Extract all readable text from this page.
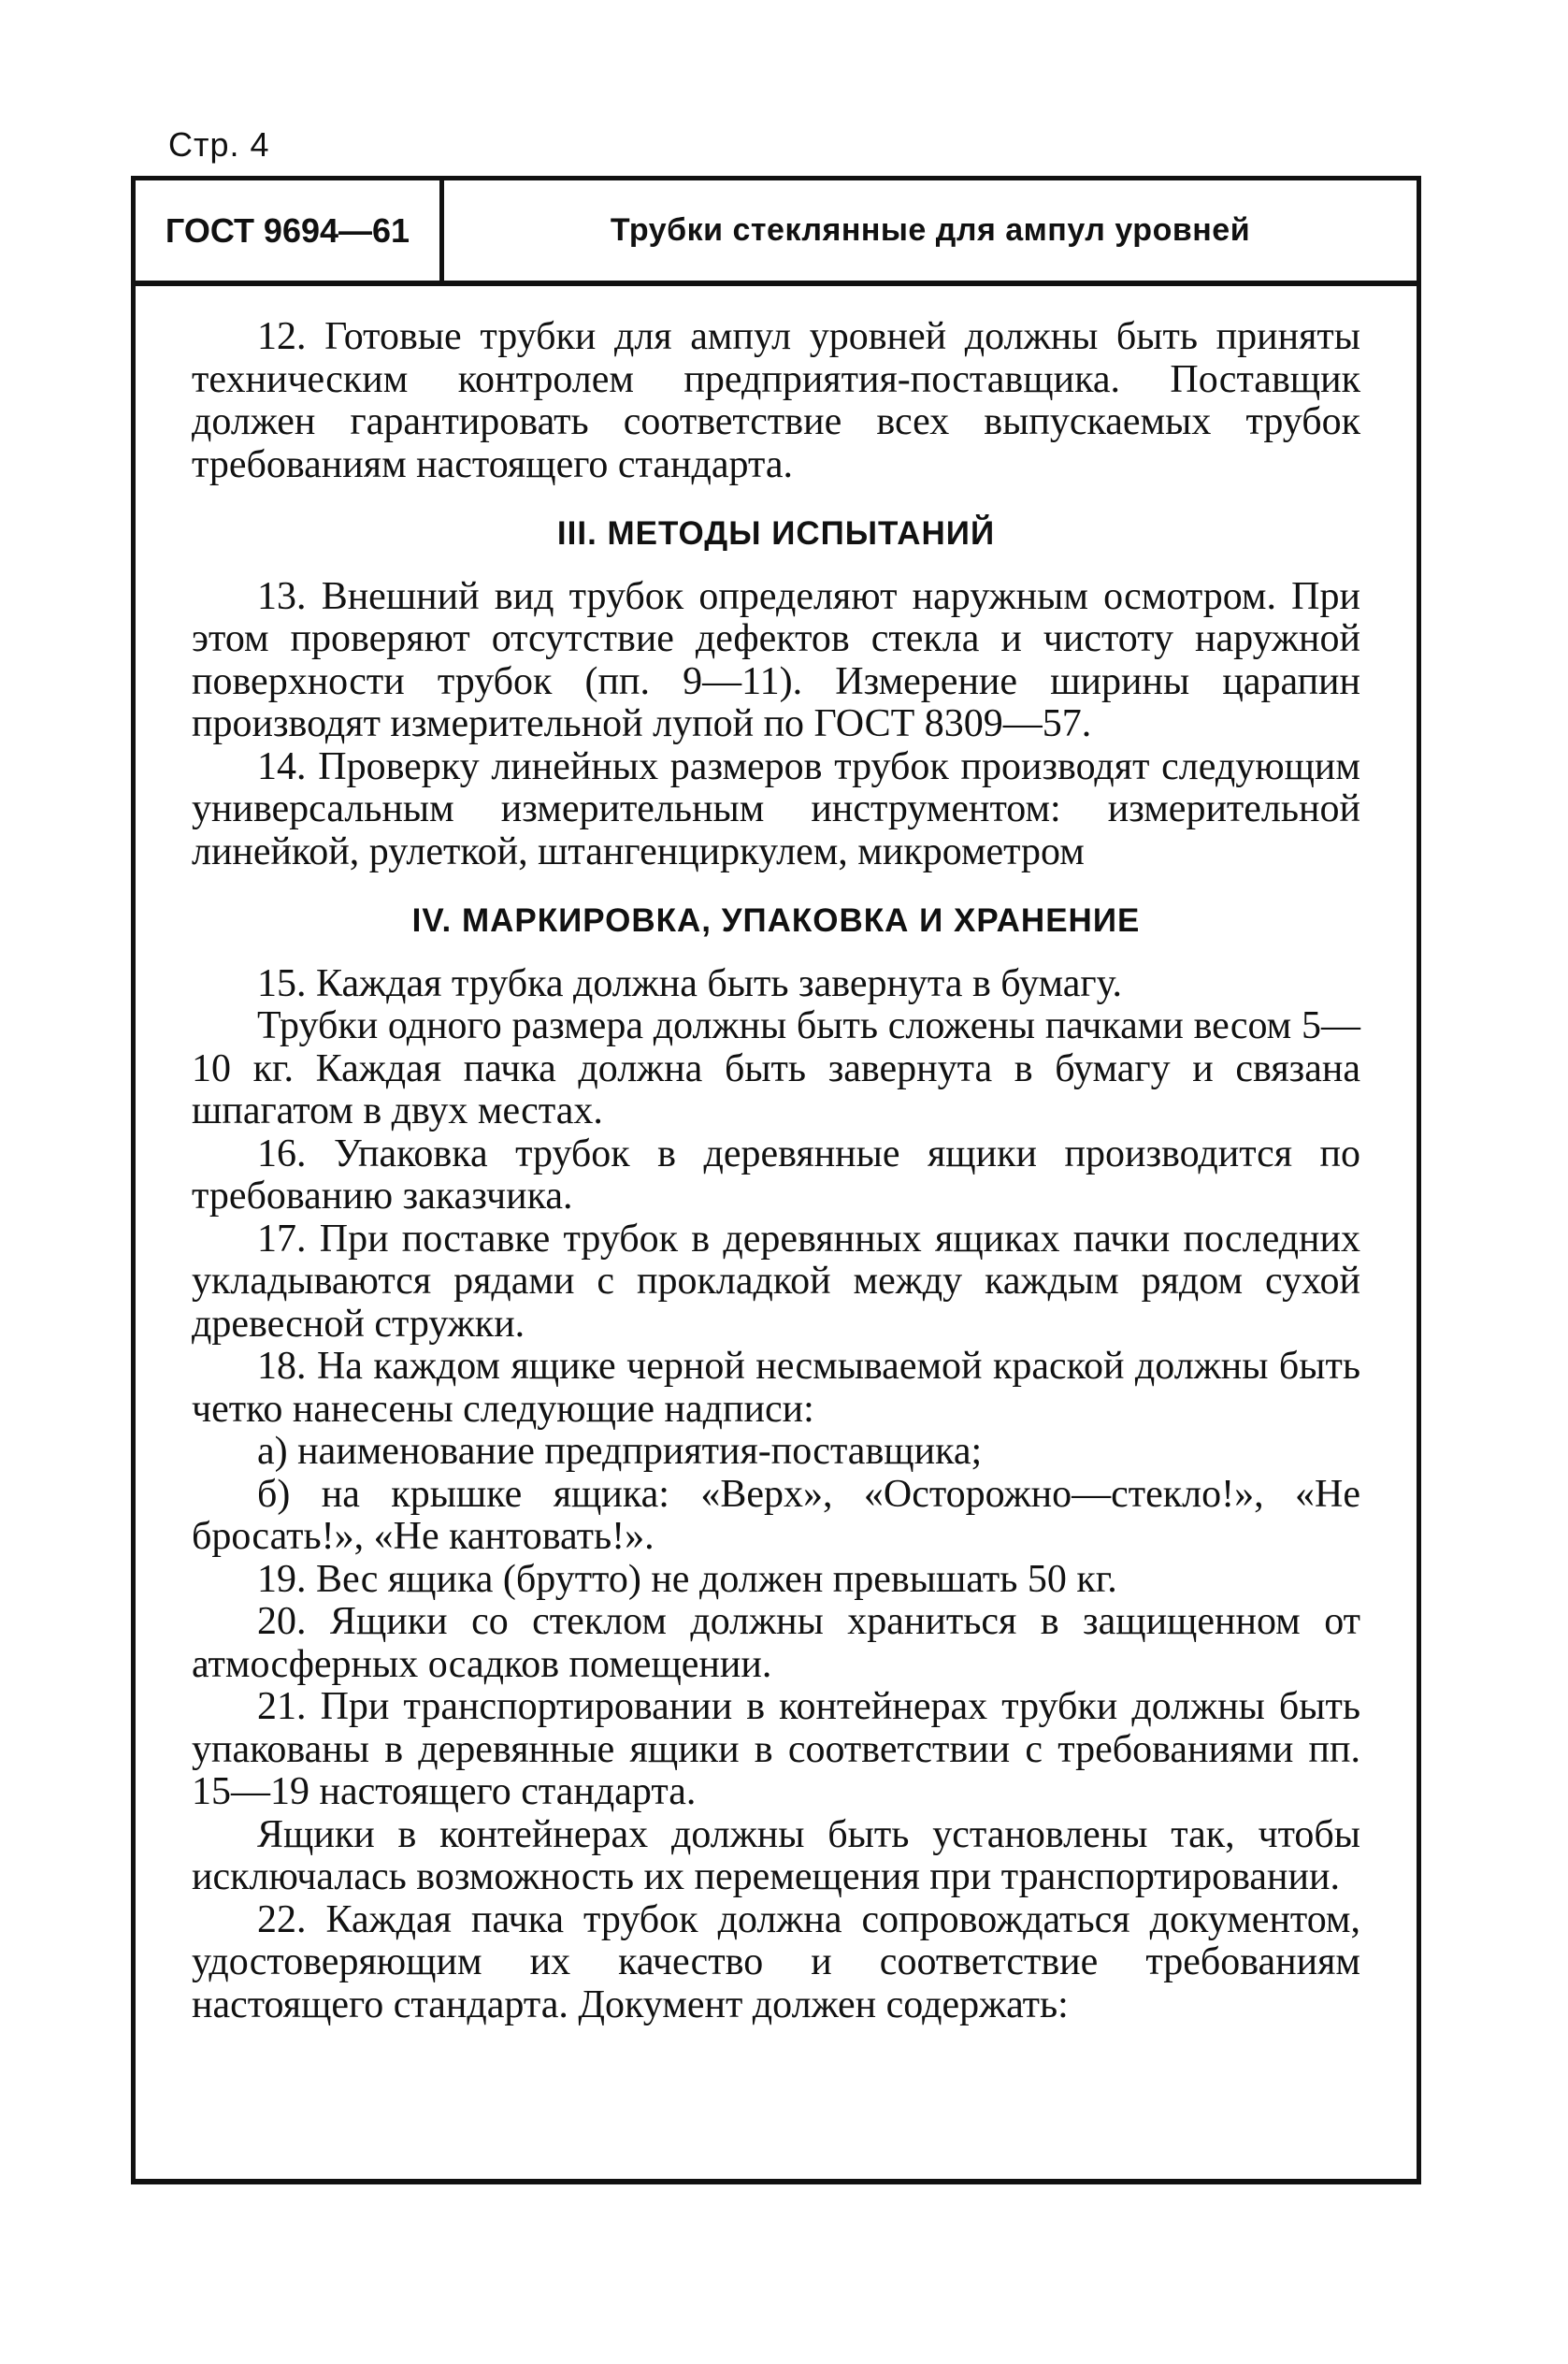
Стр. 4
ГОСТ 9694—61	Трубки стеклянные для ампул уровней

12. Готовые трубки для ампул уровней должны быть приняты техническим контролем предприятия-поставщика. Поставщик должен гарантировать соответствие всех выпускаемых трубок требованиям настоящего стандарта.

III. МЕТОДЫ ИСПЫТАНИЙ

13. Внешний вид трубок определяют наружным осмотром. При этом проверяют отсутствие дефектов стекла и чистоту наружной поверхности трубок (пп. 9—11). Измерение ширины царапин производят измерительной лупой по ГОСТ 8309—57.

14. Проверку линейных размеров трубок производят следующим универсальным измерительным инструментом: измерительной линейкой, рулеткой, штангенциркулем, микрометром

IV. МАРКИРОВКА, УПАКОВКА И ХРАНЕНИЕ

15. Каждая трубка должна быть завернута в бумагу.

Трубки одного размера должны быть сложены пачками весом 5—10 кг. Каждая пачка должна быть завернута в бумагу и связана шпагатом в двух местах.

16. Упаковка трубок в деревянные ящики производится по требованию заказчика.

17. При поставке трубок в деревянных ящиках пачки последних укладываются рядами с прокладкой между каждым рядом сухой древесной стружки.

18. На каждом ящике черной несмываемой краской должны быть четко нанесены следующие надписи:

а) наименование предприятия-поставщика;

б) на крышке ящика: «Верх», «Осторожно—стекло!», «Не бросать!», «Не кантовать!».

19. Вес ящика (брутто) не должен превышать 50 кг.

20. Ящики со стеклом должны храниться в защищенном от атмосферных осадков помещении.

21. При транспортировании в контейнерах трубки должны быть упакованы в деревянные ящики в соответствии с требованиями пп. 15—19 настоящего стандарта.

Ящики в контейнерах должны быть установлены так, чтобы исключалась возможность их перемещения при транспортировании.

22. Каждая пачка трубок должна сопровождаться документом, удостоверяющим их качество и соответствие требованиям настоящего стандарта. Документ должен содержать:
